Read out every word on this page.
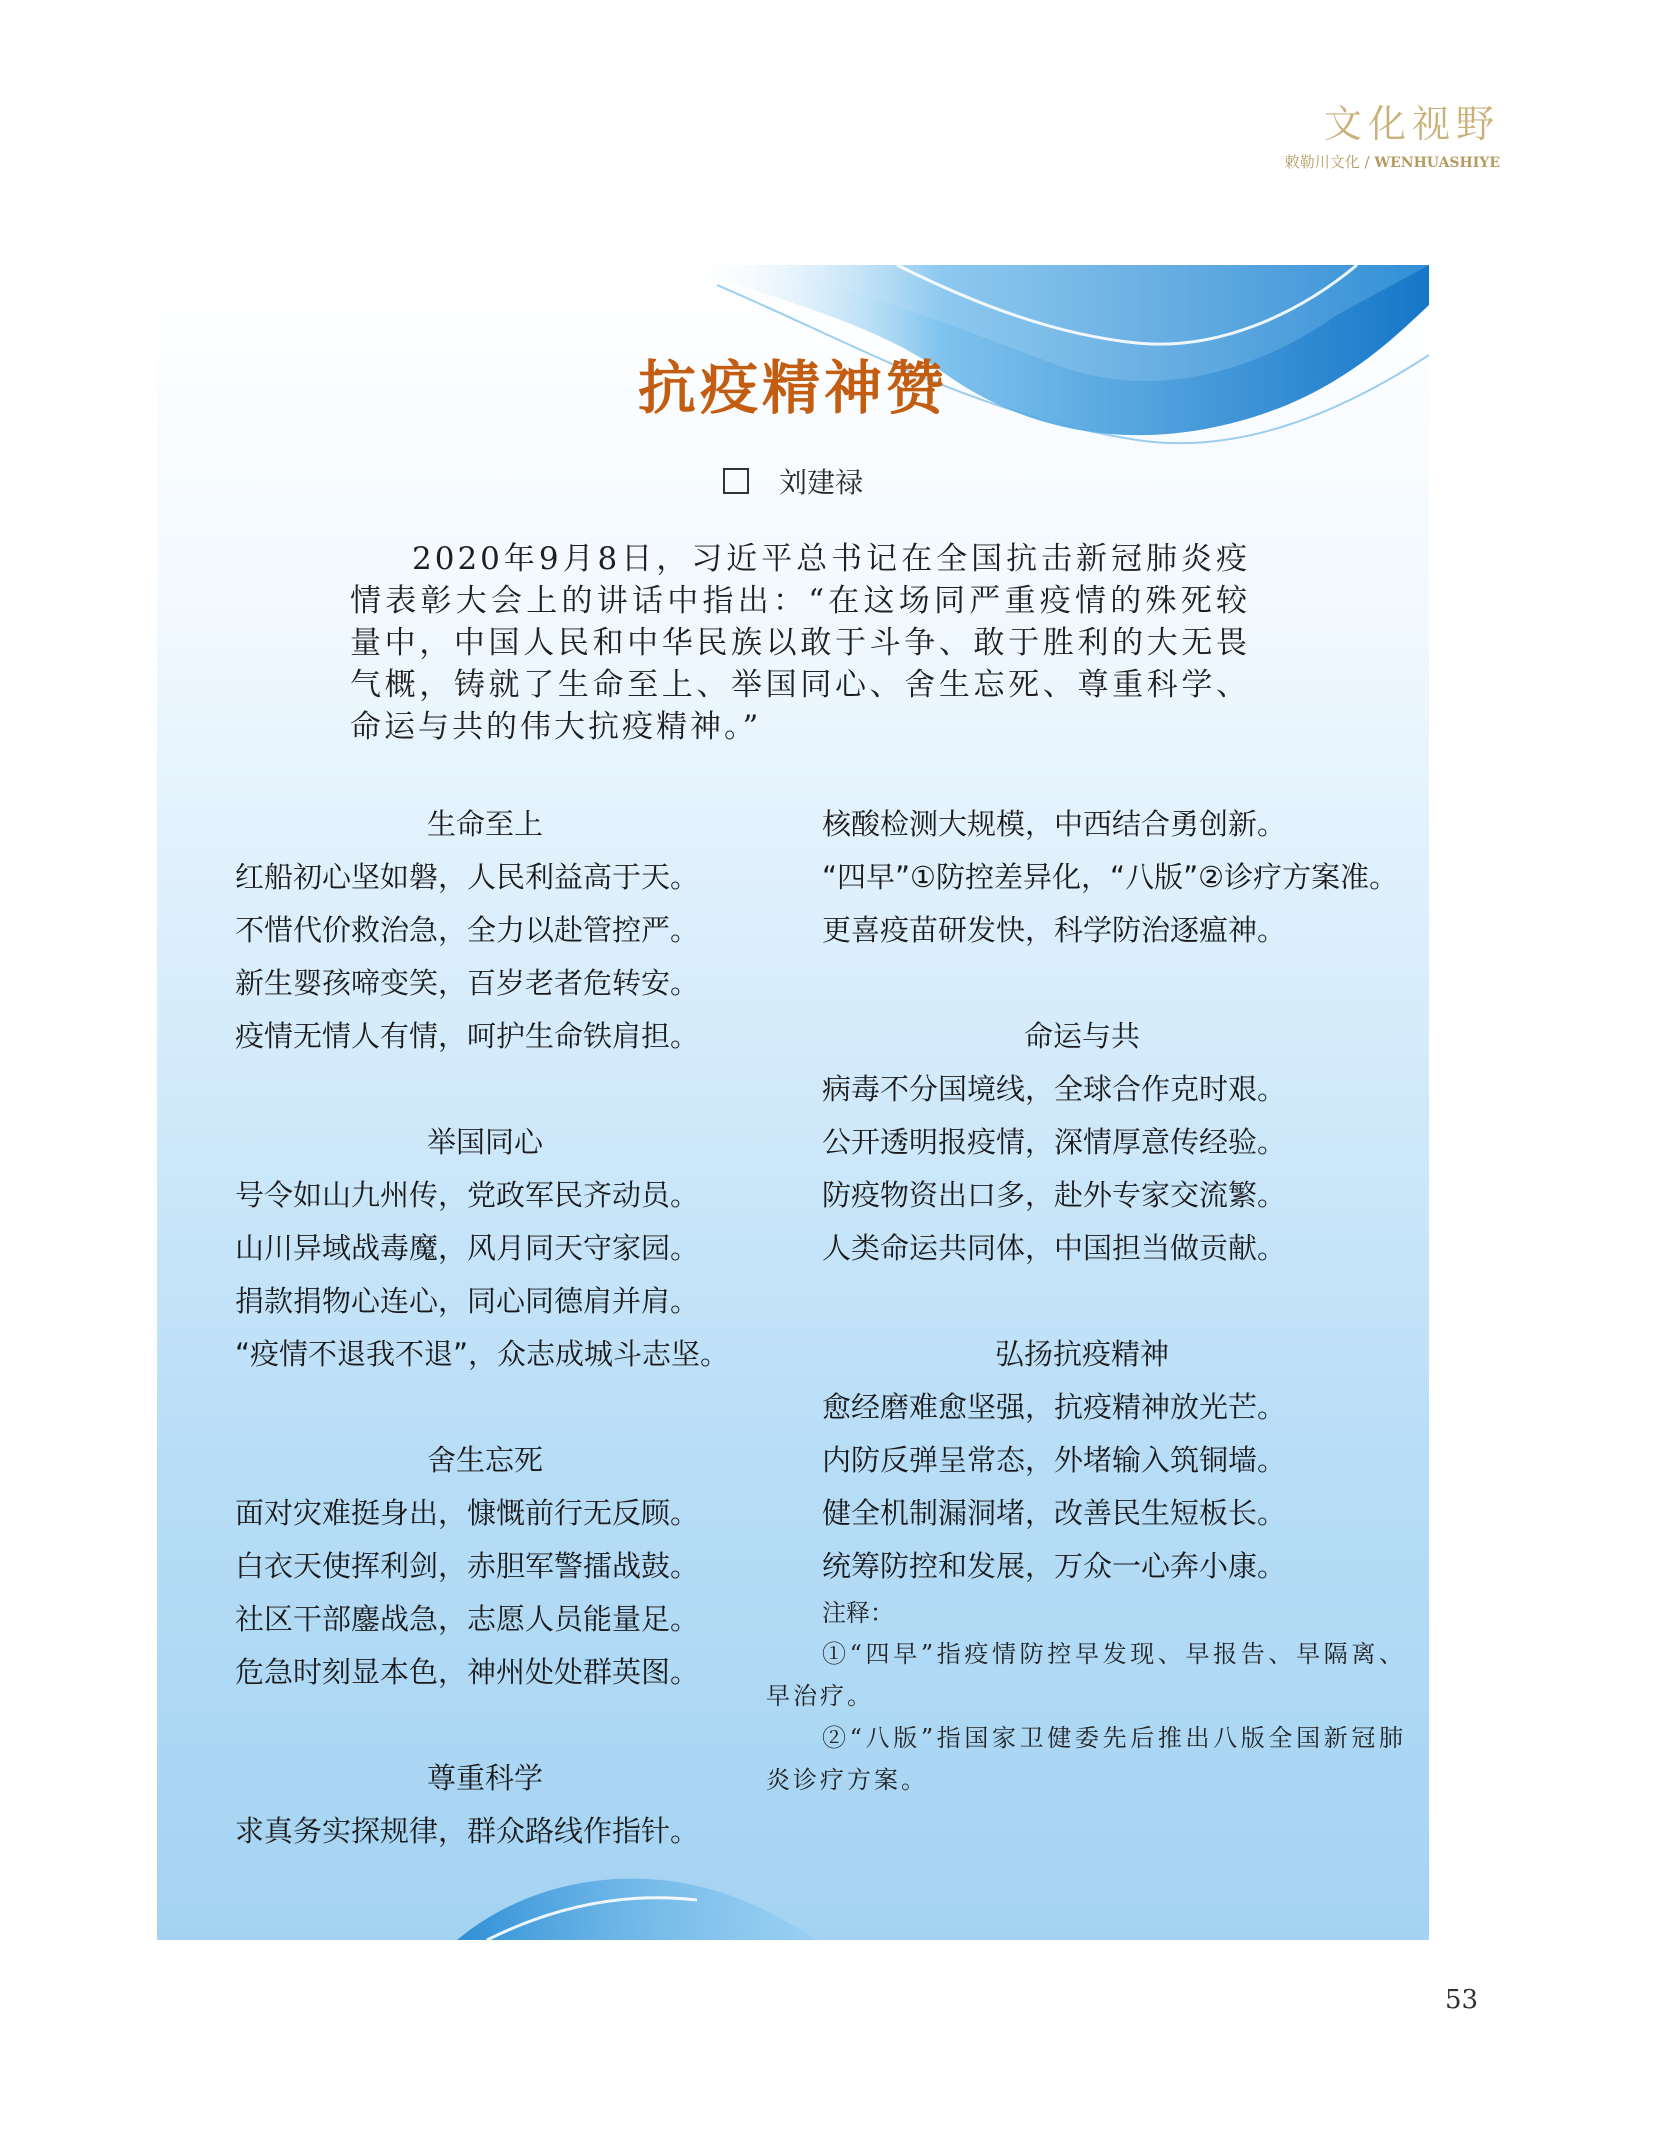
文化视野
敕勒川文化 / WENHUASHIYE
抗疫精神赞
刘建禄

2020年9月8日，习近平总书记在全国抗击新冠肺炎疫情表彰大会上的讲话中指出：“在这场同严重疫情的殊死较量中，中国人民和中华民族以敢于斗争、敢于胜利的大无畏气概，铸就了生命至上、举国同心、舍生忘死、尊重科学、命运与共的伟大抗疫精神。”

生命至上
红船初心坚如磐，人民利益高于天。
不惜代价救治急，全力以赴管控严。
新生婴孩啼变笑，百岁老者危转安。
疫情无情人有情，呵护生命铁肩担。
举国同心
号令如山九州传，党政军民齐动员。
山川异域战毒魔，风月同天守家园。
捐款捐物心连心，同心同德肩并肩。
“疫情不退我不退”，众志成城斗志坚。
舍生忘死
面对灾难挺身出，慷慨前行无反顾。
白衣天使挥利剑，赤胆军警擂战鼓。
社区干部鏖战急，志愿人员能量足。
危急时刻显本色，神州处处群英图。
尊重科学
求真务实探规律，群众路线作指针。
核酸检测大规模，中西结合勇创新。
“四早”①防控差异化，“八版”②诊疗方案准。
更喜疫苗研发快，科学防治逐瘟神。
命运与共
病毒不分国境线，全球合作克时艰。
公开透明报疫情，深情厚意传经验。
防疫物资出口多，赴外专家交流繁。
人类命运共同体，中国担当做贡献。
弘扬抗疫精神
愈经磨难愈坚强，抗疫精神放光芒。
内防反弹呈常态，外堵输入筑铜墙。
健全机制漏洞堵，改善民生短板长。
统筹防控和发展，万众一心奔小康。
注释：
①“四早”指疫情防控早发现、早报告、早隔离、早治疗。
②“八版”指国家卫健委先后推出八版全国新冠肺炎诊疗方案。
53
